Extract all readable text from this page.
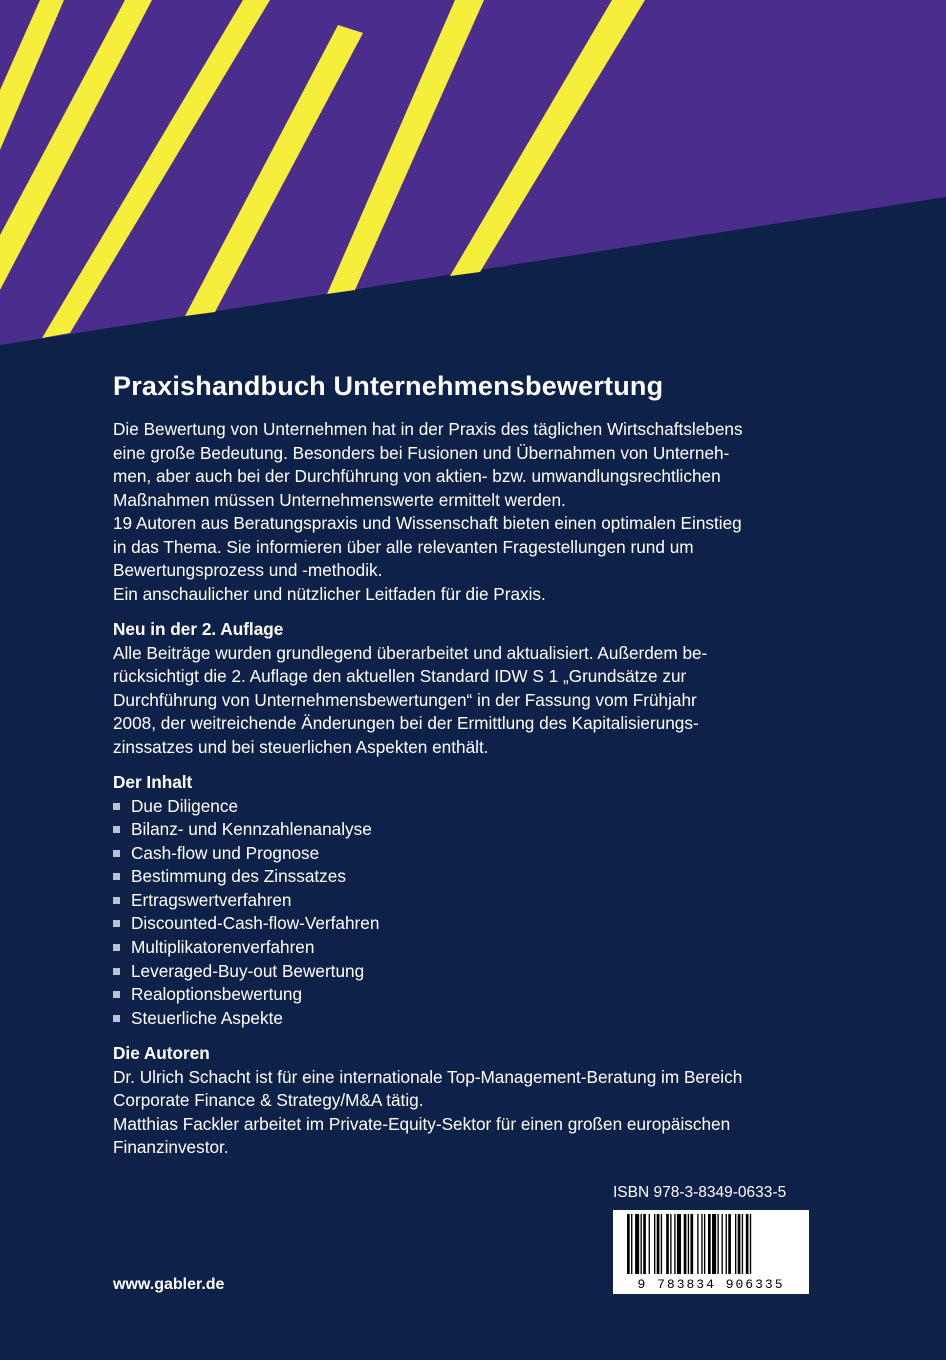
Praxishandbuch Unternehmensbewertung

Die Bewertung von Unternehmen hat in der Praxis des täglichen Wirtschaftslebens

eine große Bedeutung. Besonders bei Fusionen und Übernahmen von Unterneh-

men, aber auch bei der Durchführung von aktien- bzw. umwandlungsrechtlichen

Maßnahmen müssen Unternehmenswerte ermittelt werden.

19 Autoren aus Beratungspraxis und Wissenschaft bieten einen optimalen Einstieg

in das Thema. Sie informieren über alle relevanten Fragestellungen rund um

Bewertungsprozess und -methodik.

Ein anschaulicher und nützlicher Leitfaden für die Praxis.

Neu in der 2. Auflage

Alle Beiträge wurden grundlegend überarbeitet und aktualisiert. Außerdem be-

rücksichtigt die 2. Auflage den aktuellen Standard IDW S 1 „Grundsätze zur

Durchführung von Unternehmensbewertungen“ in der Fassung vom Frühjahr

2008, der weitreichende Änderungen bei der Ermittlung des Kapitalisierungs-

zinssatzes und bei steuerlichen Aspekten enthält.

Der Inhalt
Due Diligence
Bilanz- und Kennzahlenanalyse
Cash-flow und Prognose
Bestimmung des Zinssatzes
Ertragswertverfahren
Discounted-Cash-flow-Verfahren
Multiplikatorenverfahren
Leveraged-Buy-out Bewertung
Realoptionsbewertung
Steuerliche Aspekte
Die Autoren

Dr. Ulrich Schacht ist für eine internationale Top-Management-Beratung im Bereich

Corporate Finance & Strategy/M&A tätig.

Matthias Fackler arbeitet im Private-Equity-Sektor für einen großen europäischen

Finanzinvestor.

ISBN 978-3-8349-0633-5
9 783834 906335
www.gabler.de
